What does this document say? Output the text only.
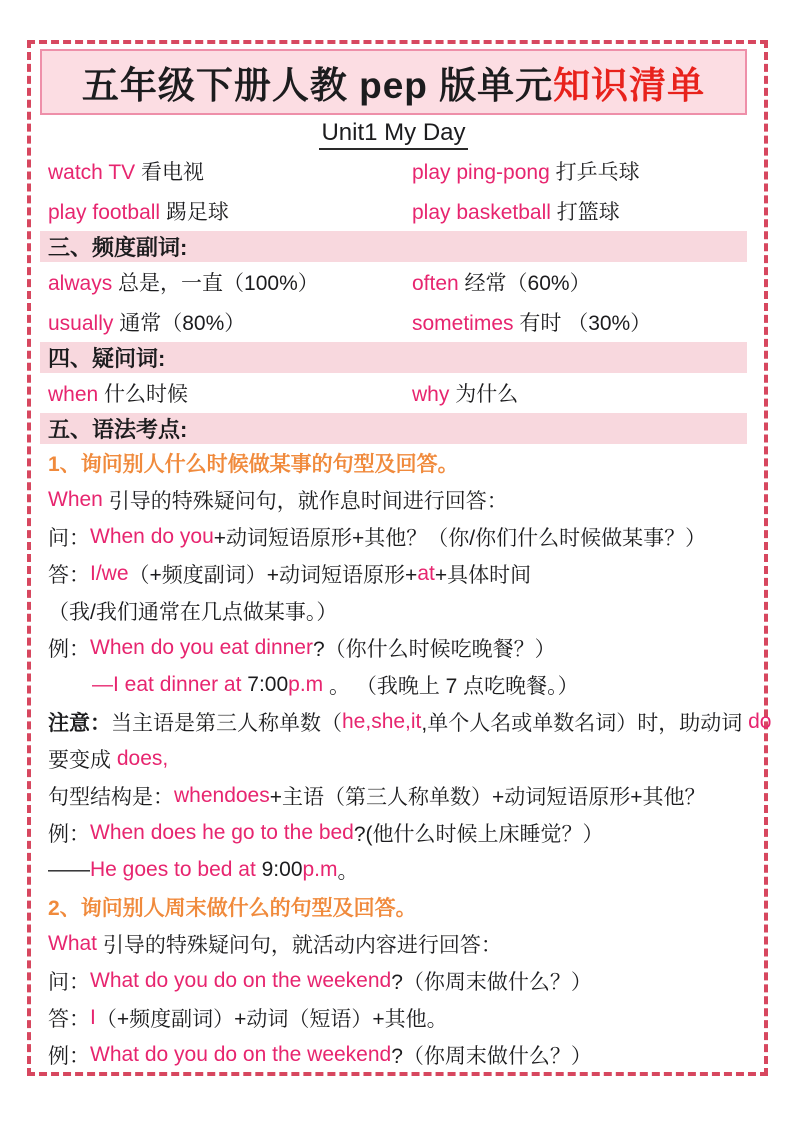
五年级下册人教 pep 版单元 知识清单
Unit1 My Day
watch TV 看电视	play ping-pong 打乒乓球
play football 踢足球	play basketball 打篮球
三、频度副词:
always 总是，一直（100%）	often 经常（60%）
usually 通常（80%）	sometimes 有时 （30%）
四、疑问词:
when 什么时候	why 为什么
五、语法考点:
1、询问别人什么时候做某事的句型及回答。
When 引导的特殊疑问句，就作息时间进行回答：
问： When do you +动词短语原形+其他？（你/你们什么时候做某事？）
答： I/we （+频度副词）+动词短语原形+ at +具体时间
（我/我们通常在几点做某事。）
例： When do you eat dinner ?（你什么时候吃晚餐？）
—I eat dinner at 7:00 p.m 。 （我晚上 7 点吃晚餐。）
注意： 当主语是第三人称单数（ he,she,it ,单个人名或单数名词）时，助动词 do
要变成 does,
句型结构是： whendoes +主语（第三人称单数）+动词短语原形+其他？
例： When does he go to the bed ?(他什么时候上床睡觉？）
—— He goes to bed at 9:00 p.m 。
2、询问别人周末做什么的句型及回答。
What 引导的特殊疑问句，就活动内容进行回答：
问： What do you do on the weekend ?（你周末做什么？）
答： I （+频度副词）+动词（短语）+其他。
例： What do you do on the weekend ?（你周末做什么？）
